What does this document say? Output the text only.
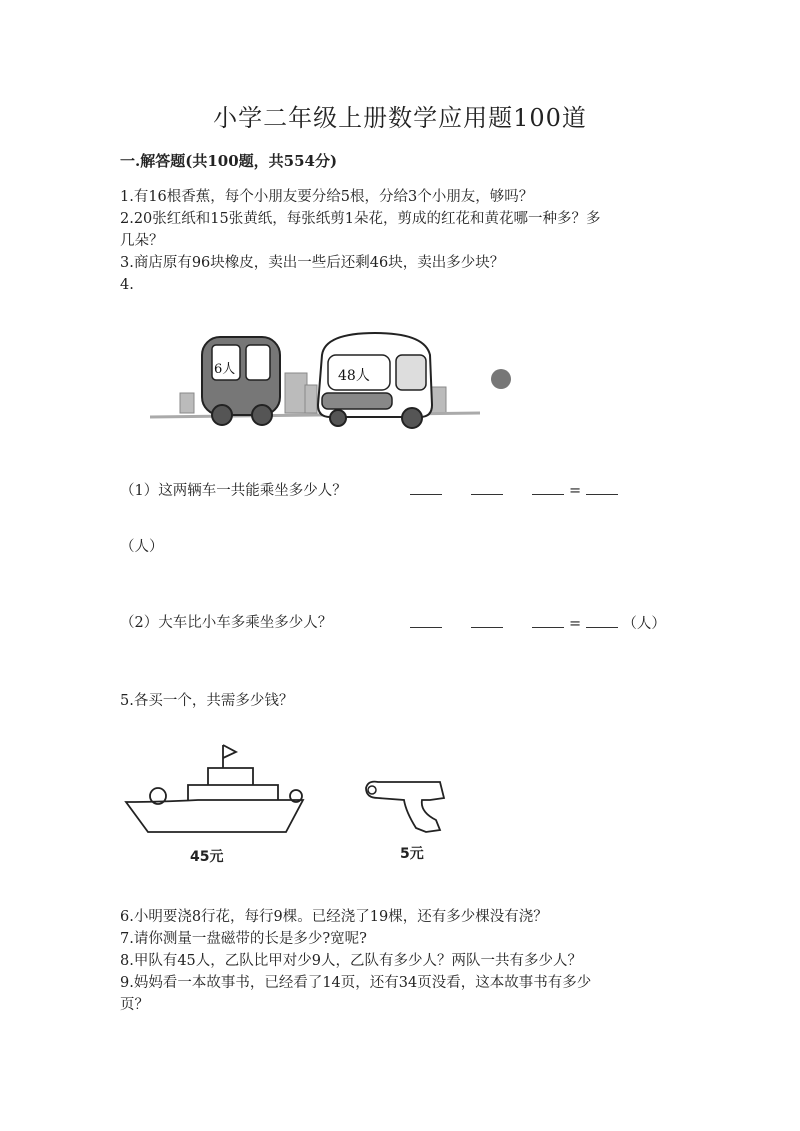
小学二年级上册数学应用题100道
一.解答题(共100题，共554分)
1.有16根香蕉，每个小朋友要分给5根，分给3个小朋友，够吗？
2.20张红纸和15张黄纸，每张纸剪1朵花，剪成的红花和黄花哪一种多？多
几朵？
3.商店原有96块橡皮，卖出一些后还剩46块，卖出多少块？
4.
6人	48人
（1）这两辆车一共能乘坐多少人？	=
（人）
（2）大车比小车多乘坐多少人？	=	（人）
5.各买一个，共需多少钱？
45元	5元
6.小明要浇8行花，每行9棵。已经浇了19棵，还有多少棵没有浇？
7.请你测量一盘磁带的长是多少?宽呢?
8.甲队有45人，乙队比甲对少9人，乙队有多少人？两队一共有多少人？
9.妈妈看一本故事书，已经看了14页，还有34页没看，这本故事书有多少
页？
